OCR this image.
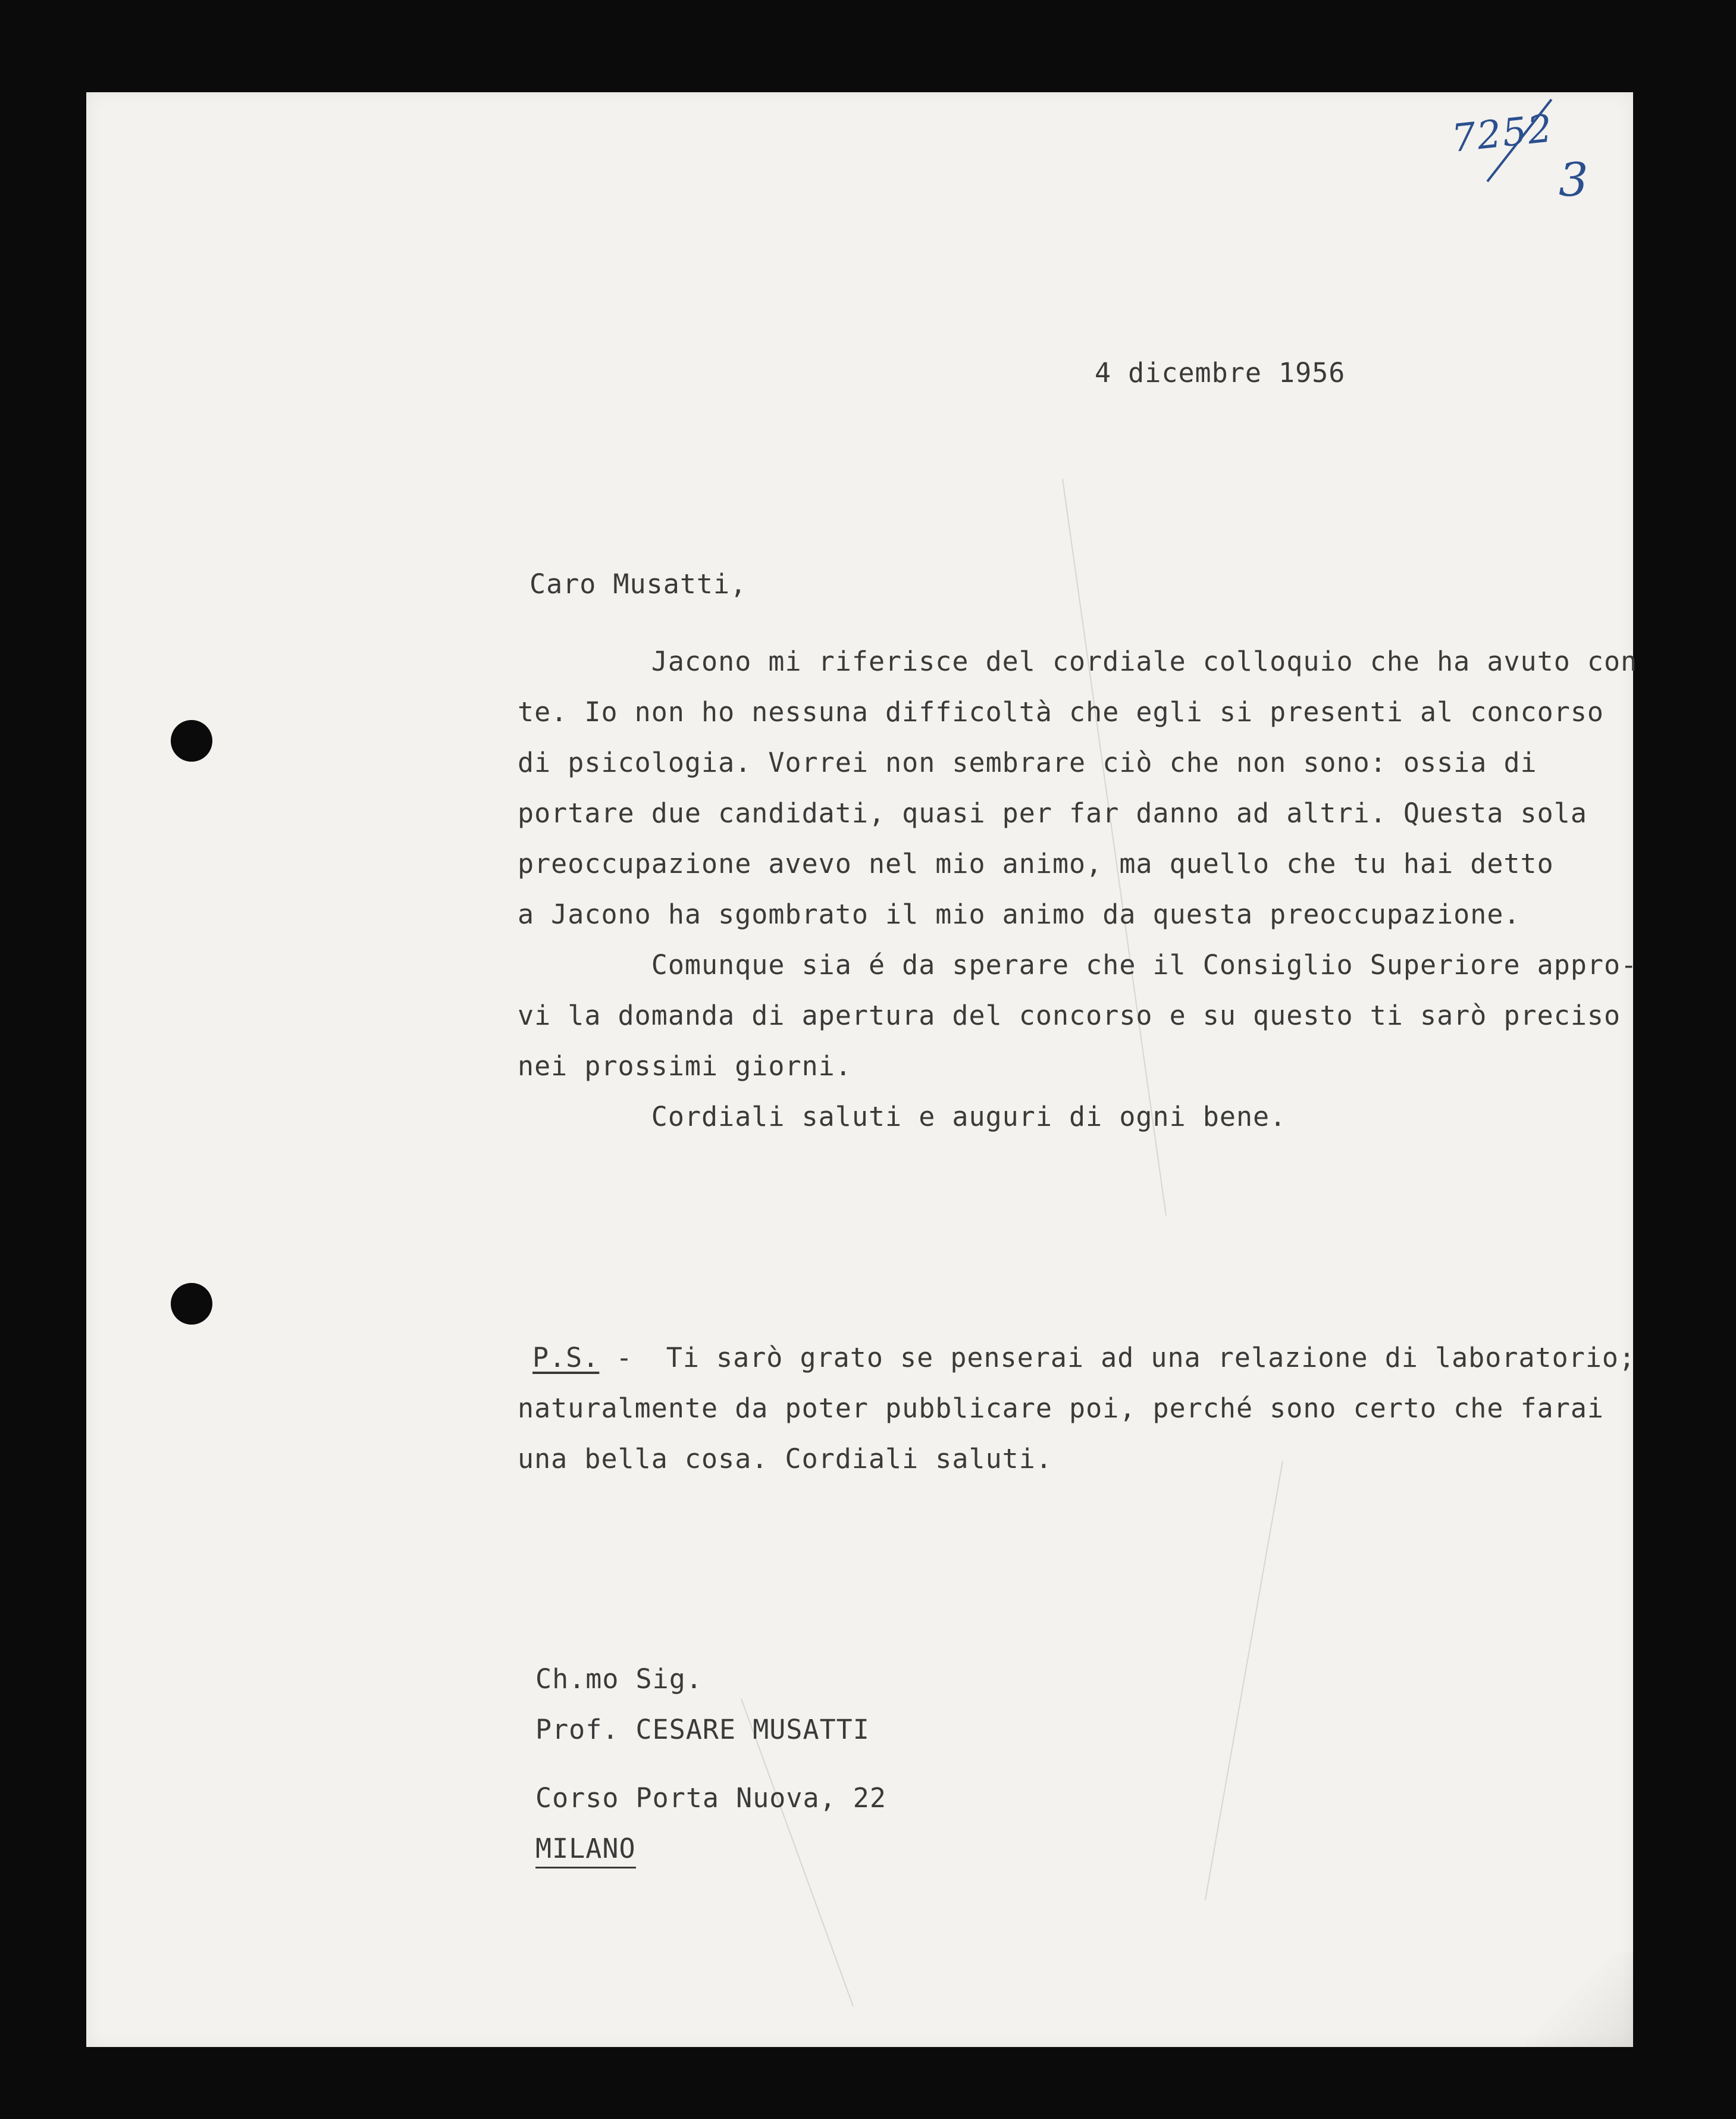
7252
3
4 dicembre 1956
Caro Musatti,
Jacono mi riferisce del cordiale colloquio che ha avuto con
te. Io non ho nessuna difficoltà che egli si presenti al concorso
di psicologia. Vorrei non sembrare ciò che non sono: ossia di
portare due candidati, quasi per far danno ad altri. Questa sola
preoccupazione avevo nel mio animo, ma quello che tu hai detto
a Jacono ha sgombrato il mio animo da questa preoccupazione.
Comunque sia é da sperare che il Consiglio Superiore appro-
vi la domanda di apertura del concorso e su questo ti sarò preciso
nei prossimi giorni.
Cordiali saluti e auguri di ogni bene.
P.S. -  Ti sarò grato se penserai ad una relazione di laboratorio;
naturalmente da poter pubblicare poi, perché sono certo che farai
una bella cosa. Cordiali saluti.
Ch.mo Sig.
Prof. CESARE MUSATTI
Corso Porta Nuova, 22
MILANO
